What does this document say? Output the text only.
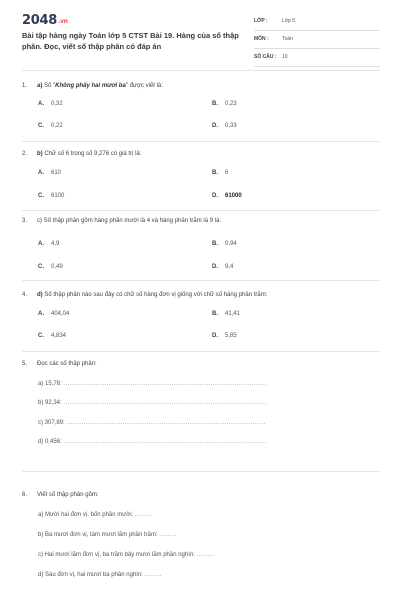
2048.vn
Bài tập hàng ngày Toán lớp 5 CTST Bài 19. Hàng của số thập phân. Đọc, viết số thập phân có đáp án
LỚP :	Lớp 5
MÔN :	Toán
SỐ CÂU : 10
1. a) Số "Không phẩy hai mươi ba" được viết là:
A. 0,32	B. 0,23
C. 0,22	D. 0,33
2. b) Chữ số 6 trong số 9,276 có giá trị là:
A. 610	B. 6
C. 6100	D. 61000
3. c) Số thập phân gồm hàng phần mười là 4 và hàng phần trăm là 9 là:
A. 4,9	B. 0,94
C. 0,49	D. 9,4
4. d) Số thập phân nào sau đây có chữ số hàng đơn vị giống với chữ số hàng phần trăm:
A. 404,04	B. 41,41
C. 4,834	D. 5,85
5. Đọc các số thập phân:
a) 15,78: ..............................................................................................
b) 92,34: ..............................................................................................
c) 307,89: ............................................................................................
d) 0,456: ..............................................................................................
6. Viết số thập phân gồm:
a) Mười hai đơn vị, bốn phần mười: ........
b) Ba mươi đơn vị, tám mươi lăm phần trăm: ........
c) Hai mươi lăm đơn vị, ba trăm bảy mươi lăm phần nghìn: ........
d) Sáu đơn vị, hai mươi ba phần nghìn: ........
